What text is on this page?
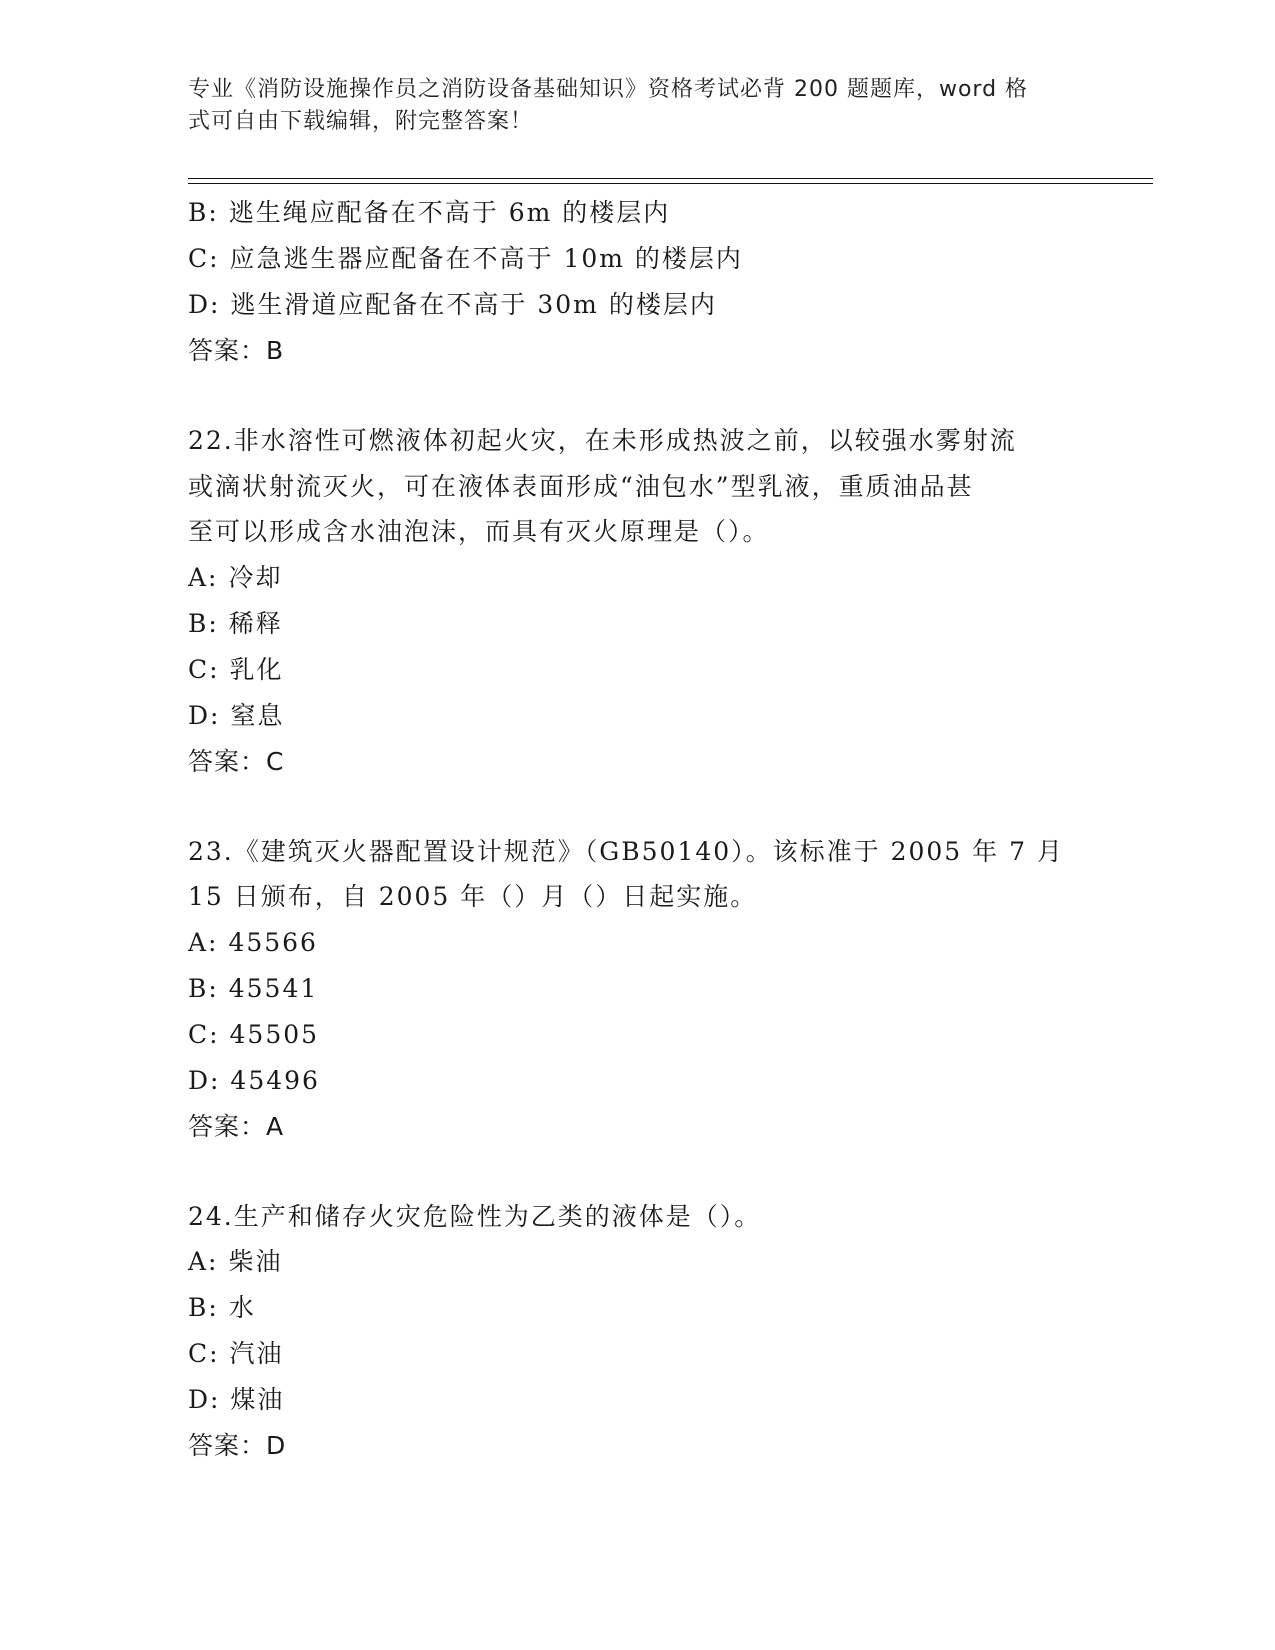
专业《消防设施操作员之消防设备基础知识》资格考试必背 200 题题库，word 格
式可自由下载编辑，附完整答案！
B: 逃生绳应配备在不高于 6m 的楼层内
C: 应急逃生器应配备在不高于 10m 的楼层内
D: 逃生滑道应配备在不高于 30m 的楼层内
答案：B
22.非水溶性可燃液体初起火灾，在未形成热波之前，以较强水雾射流
或滴状射流灭火，可在液体表面形成“油包水”型乳液，重质油品甚
至可以形成含水油泡沫，而具有灭火原理是（）。
A: 冷却
B: 稀释
C: 乳化
D: 窒息
答案：C
23.《建筑灭火器配置设计规范》（GB50140）。该标准于 2005 年 7 月
15 日颁布，自 2005 年（）月（）日起实施。
A: 45566
B: 45541
C: 45505
D: 45496
答案：A
24.生产和储存火灾危险性为乙类的液体是（）。
A: 柴油
B: 水
C: 汽油
D: 煤油
答案：D
